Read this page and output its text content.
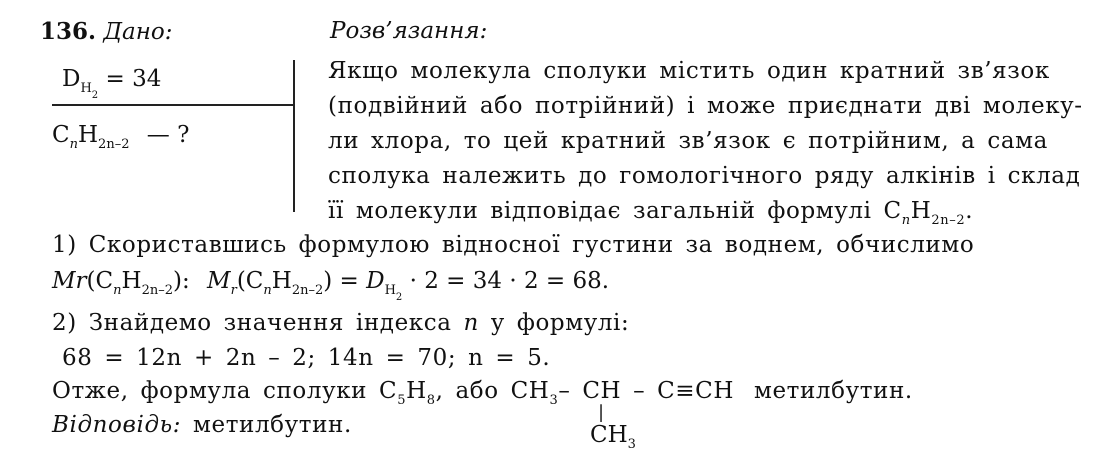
136. Дано:	Розв’язання:
$D_{H_2} = 34$
$C_nH_{2n-2}$ — ?
Якщо молекула сполуки містить один кратний зв’язок
(подвійний або потрійний) і може приєднати дві молеку-
ли хлора, то цей кратний зв’язок є потрійним, а сама
сполука належить до гомологічного ряду алкінів і склад
її молекули відповідає загальній формулі $C_nH_{2n-2}$.
1) Скориставшись формулою відносної густини за воднем, обчислимо
$Mr(C_nH_{2n-2})$: $M_r(C_nH_{2n-2}) = D_{H_2} \cdot 2 = 34 \cdot 2 = 68$.
2) Знайдемо значення індекса n у формулі:
68 = 12n + 2n – 2; 14n = 70; n = 5.
Отже, формула сполуки $C_5H_8$, або $CH_3-$ CH – C≡CH метилбутин.
|
$CH_3$
Відповідь: метилбутин.
